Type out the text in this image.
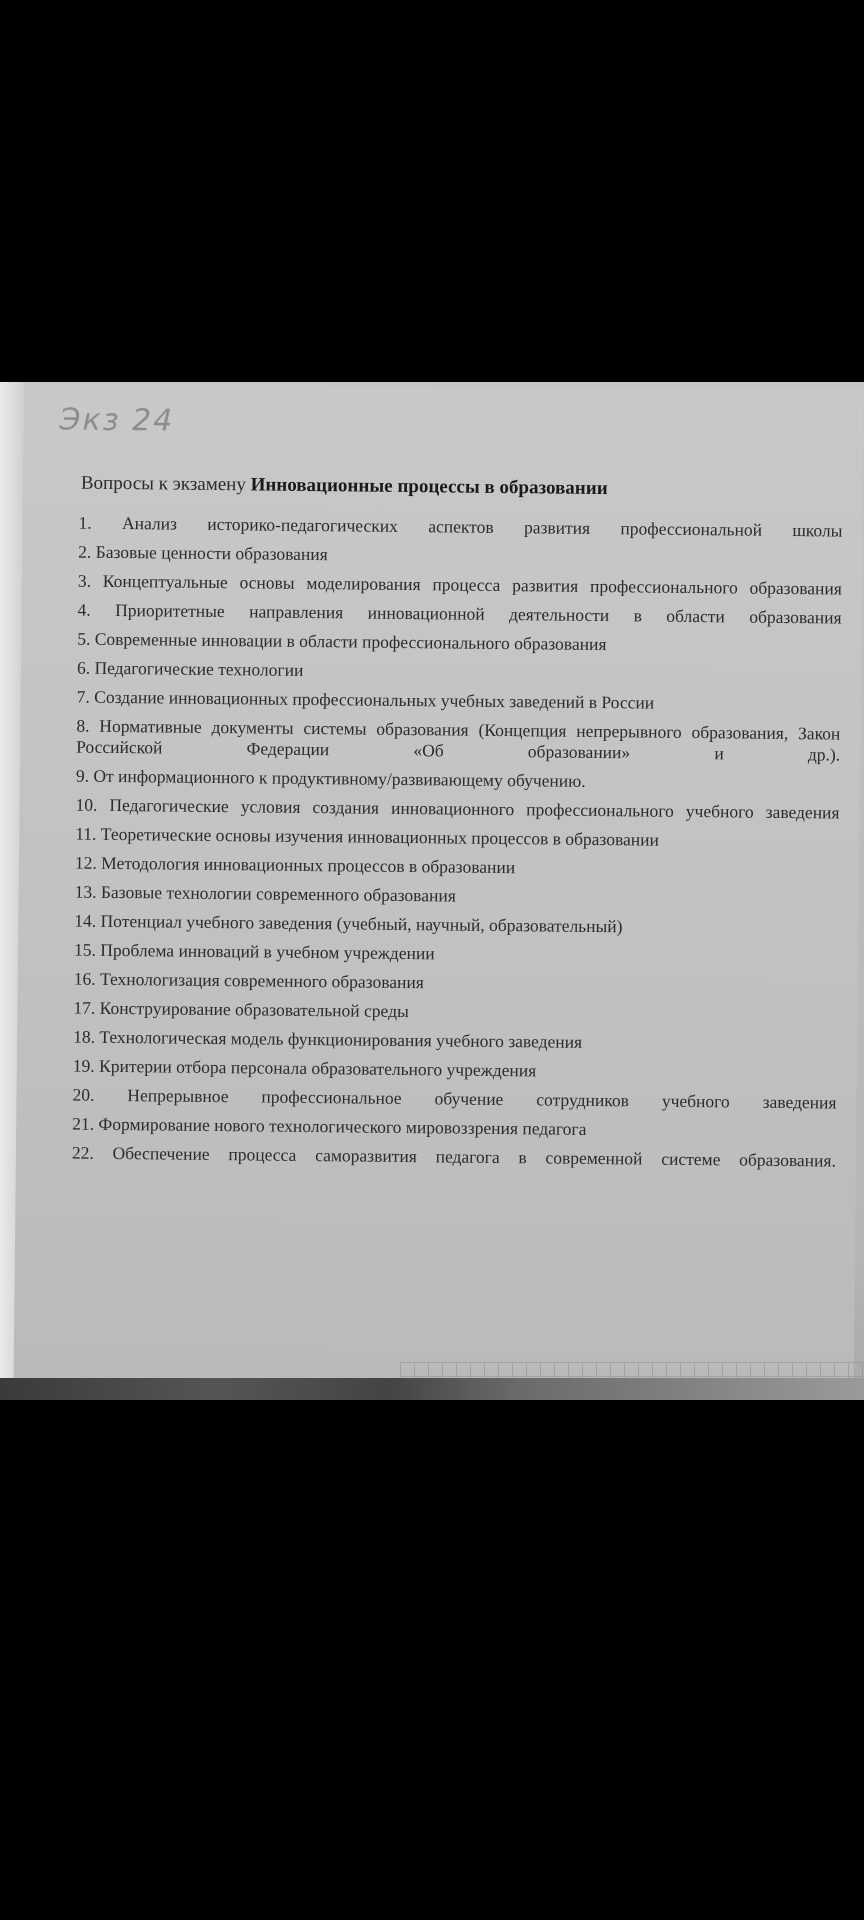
Экз 24
Вопросы к экзамену Инновационные процессы в образовании
1. Анализ историко-педагогических аспектов развития профессиональной школы
2. Базовые ценности образования
3. Концептуальные основы моделирования процесса развития профессионального образования
4. Приоритетные направления инновационной деятельности в области образования
5. Современные инновации в области профессионального образования
6. Педагогические технологии
7. Создание инновационных профессиональных учебных заведений в России
8. Нормативные документы системы образования (Концепция непрерывного образования, Закон Российской Федерации «Об образовании» и др.).
9. От информационного к продуктивному/развивающему обучению.
10. Педагогические условия создания инновационного профессионального учебного заведения
11. Теоретические основы изучения инновационных процессов в образовании
12. Методология инновационных процессов в образовании
13. Базовые технологии современного образования
14. Потенциал учебного заведения (учебный, научный, образовательный)
15. Проблема инноваций в учебном учреждении
16. Технологизация современного образования
17. Конструирование образовательной среды
18. Технологическая модель функционирования учебного заведения
19. Критерии отбора персонала образовательного учреждения
20. Непрерывное профессиональное обучение сотрудников учебного заведения
21. Формирование нового технологического мировоззрения педагога
22. Обеспечение процесса саморазвития педагога в современной системе образования.
